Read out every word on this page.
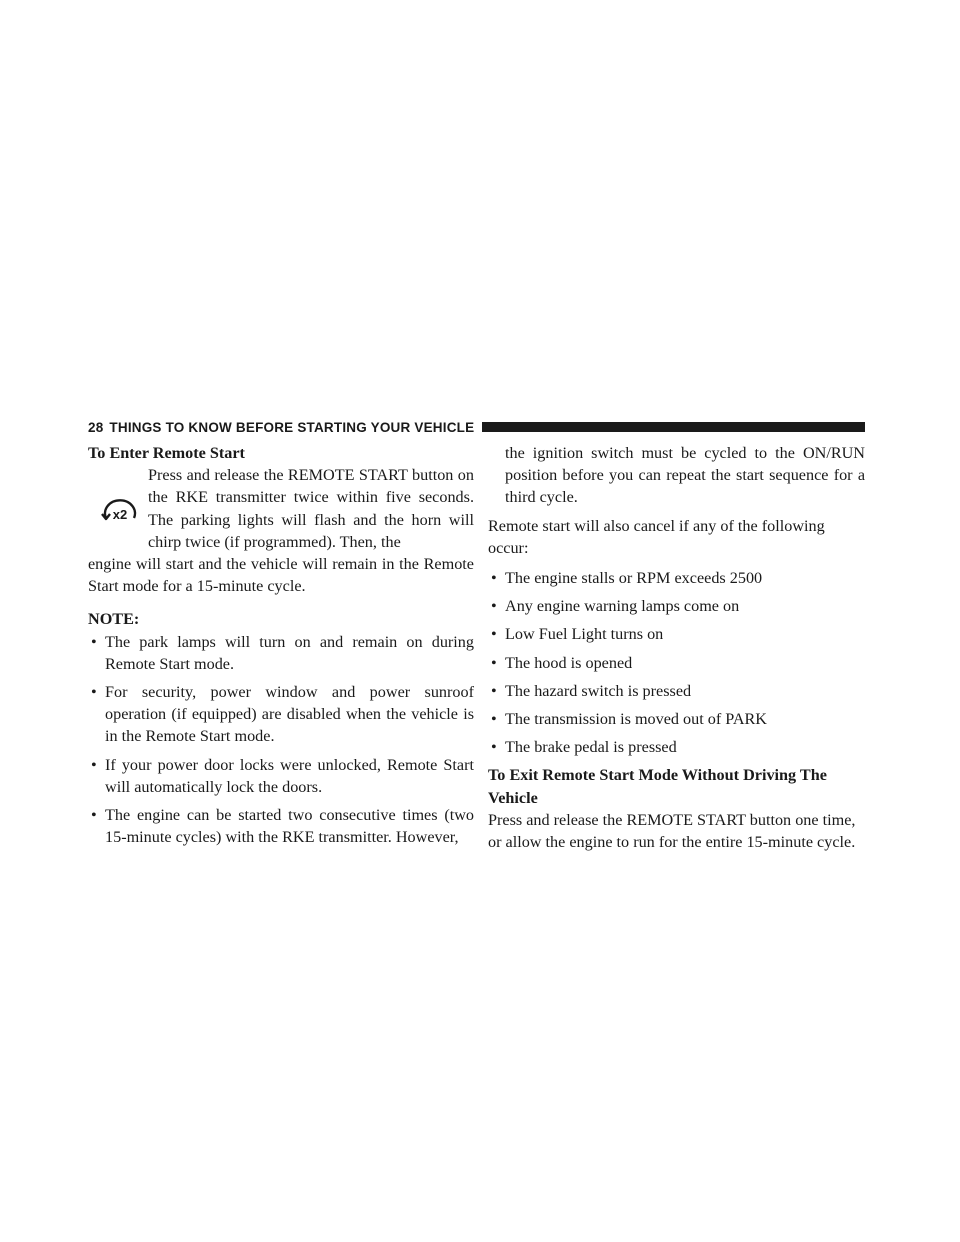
28 THINGS TO KNOW BEFORE STARTING YOUR VEHICLE
To Enter Remote Start
x2
Press and release the REMOTE START button on the RKE transmitter twice within five seconds. The parking lights will flash and the horn will chirp twice (if programmed). Then, the

engine will start and the vehicle will remain in the Remote Start mode for a 15-minute cycle.

NOTE:
• The park lamps will turn on and remain on during Remote Start mode.
• For security, power window and power sunroof operation (if equipped) are disabled when the vehicle is in the Remote Start mode.
• If your power door locks were unlocked, Remote Start will automatically lock the doors.
• The engine can be started two consecutive times (two 15-minute cycles) with the RKE transmitter. However,
the ignition switch must be cycled to the ON/RUN position before you can repeat the start sequence for a third cycle.
Remote start will also cancel if any of the following occur:
• The engine stalls or RPM exceeds 2500
• Any engine warning lamps come on
• Low Fuel Light turns on
• The hood is opened
• The hazard switch is pressed
• The transmission is moved out of PARK
• The brake pedal is pressed
To Exit Remote Start Mode Without Driving The Vehicle
Press and release the REMOTE START button one time, or allow the engine to run for the entire 15-minute cycle.
